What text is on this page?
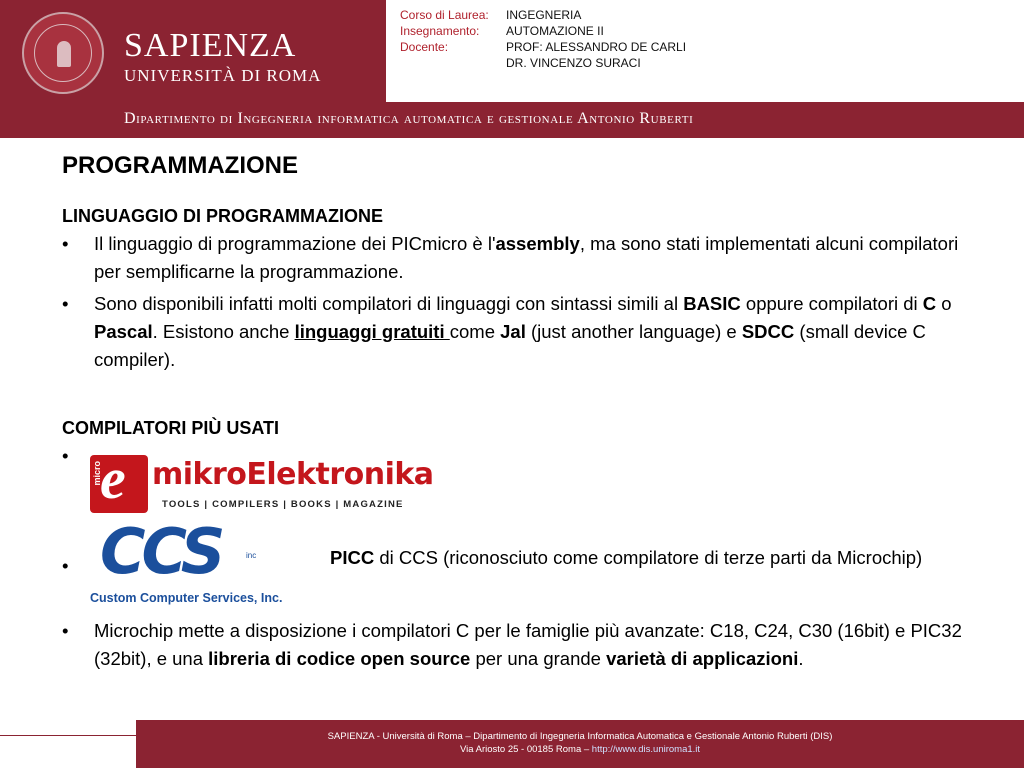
SAPIENZA
UNIVERSITÀ DI ROMA
Corso di Laurea:	INGEGNERIA
Insegnamento:	AUTOMAZIONE II
Docente:	PROF: ALESSANDRO DE CARLI
DR. VINCENZO SURACI
Dipartimento di Ingegneria informatica automatica e gestionale Antonio Ruberti
PROGRAMMAZIONE
LINGUAGGIO DI PROGRAMMAZIONE
• Il linguaggio di programmazione dei PICmicro è l'assembly, ma sono stati implementati alcuni compilatori per semplificarne la programmazione.
• Sono disponibili infatti molti compilatori di linguaggi con sintassi simili al BASIC oppure compilatori di C o Pascal. Esistono anche linguaggi gratuiti come Jal (just another language) e SDCC (small device C compiler).
COMPILATORI PIÙ USATI
•
micro
e mikroElektronika
TOOLS | COMPILERS | BOOKS | MAGAZINE
• CCS	inc
Custom Computer Services, Inc.
PICC di CCS (riconosciuto come compilatore di terze parti da Microchip)
• Microchip mette a disposizione i compilatori C per le famiglie più avanzate: C18, C24, C30 (16bit) e PIC32 (32bit), e una libreria di codice open source per una grande varietà di applicazioni.
SAPIENZA - Università di Roma – Dipartimento di Ingegneria Informatica Automatica e Gestionale Antonio Ruberti (DIS)
Via Ariosto 25 - 00185 Roma – http://www.dis.uniroma1.it
